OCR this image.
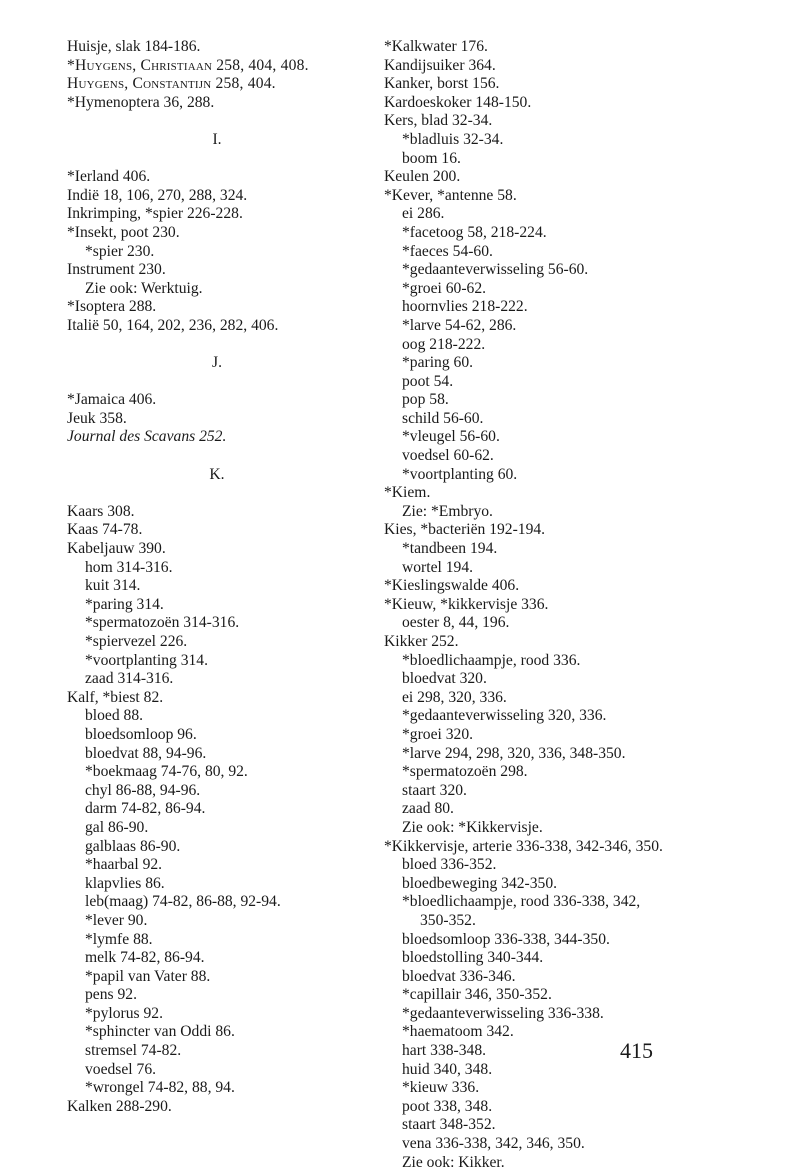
Huisje, slak 184-186.
*Huygens, Christiaan 258, 404, 408.
Huygens, Constantijn 258, 404.
*Hymenoptera 36, 288.
I.
*Ierland 406.
Indië 18, 106, 270, 288, 324.
Inkrimping, *spier 226-228.
*Insekt, poot 230.
*spier 230.
Instrument 230.
Zie ook: Werktuig.
*Isoptera 288.
Italië 50, 164, 202, 236, 282, 406.
J.
*Jamaica 406.
Jeuk 358.
Journal des Scavans 252.
K.
Kaars 308.
Kaas 74-78.
Kabeljauw 390.
hom 314-316.
kuit 314.
*paring 314.
*spermatozoën 314-316.
*spiervezel 226.
*voortplanting 314.
zaad 314-316.
Kalf, *biest 82.
bloed 88.
bloedsomloop 96.
bloedvat 88, 94-96.
*boekmaag 74-76, 80, 92.
chyl 86-88, 94-96.
darm 74-82, 86-94.
gal 86-90.
galblaas 86-90.
*haarbal 92.
klapvlies 86.
leb(maag) 74-82, 86-88, 92-94.
*lever 90.
*lymfe 88.
melk 74-82, 86-94.
*papil van Vater 88.
pens 92.
*pylorus 92.
*sphincter van Oddi 86.
stremsel 74-82.
voedsel 76.
*wrongel 74-82, 88, 94.
Kalken 288-290.
*Kalkwater 176.
Kandijsuiker 364.
Kanker, borst 156.
Kardoeskoker 148-150.
Kers, blad 32-34.
*bladluis 32-34.
boom 16.
Keulen 200.
*Kever, *antenne 58.
ei 286.
*facetoog 58, 218-224.
*faeces 54-60.
*gedaanteverwisseling 56-60.
*groei 60-62.
hoornvlies 218-222.
*larve 54-62, 286.
oog 218-222.
*paring 60.
poot 54.
pop 58.
schild 56-60.
*vleugel 56-60.
voedsel 60-62.
*voortplanting 60.
*Kiem.
Zie: *Embryo.
Kies, *bacteriën 192-194.
*tandbeen 194.
wortel 194.
*Kieslingswalde 406.
*Kieuw, *kikkervisje 336.
oester 8, 44, 196.
Kikker 252.
*bloedlichaampje, rood 336.
bloedvat 320.
ei 298, 320, 336.
*gedaanteverwisseling 320, 336.
*groei 320.
*larve 294, 298, 320, 336, 348-350.
*spermatozoën 298.
staart 320.
zaad 80.
Zie ook: *Kikkervisje.
*Kikkervisje, arterie 336-338, 342-346, 350.
bloed 336-352.
bloedbeweging 342-350.
*bloedlichaampje, rood 336-338, 342,
350-352.
bloedsomloop 336-338, 344-350.
bloedstolling 340-344.
bloedvat 336-346.
*capillair 346, 350-352.
*gedaanteverwisseling 336-338.
*haematoom 342.
hart 338-348.
huid 340, 348.
*kieuw 336.
poot 338, 348.
staart 348-352.
vena 336-338, 342, 346, 350.
Zie ook: Kikker.
415
